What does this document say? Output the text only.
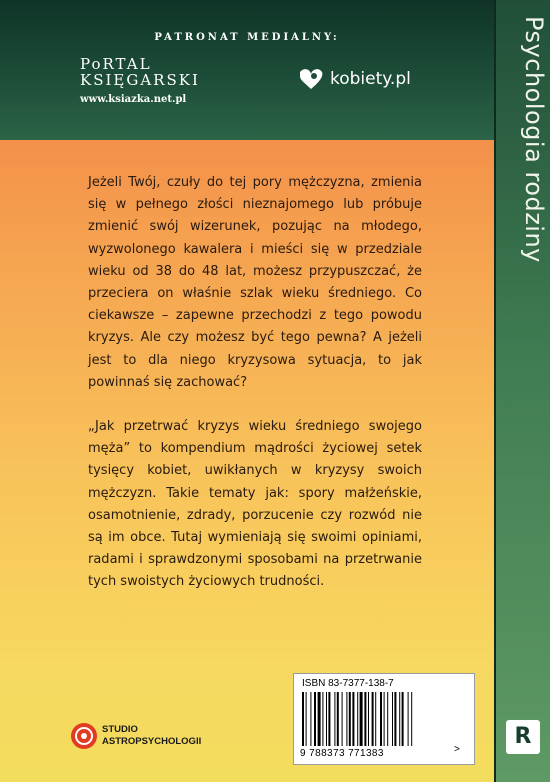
PATRONAT MEDIALNY:
PoRTAL
KSIĘGARSKI
www.ksiazka.net.pl
kobiety.pl

Jeżeli Twój, czuły do tej pory mężczyzna, zmienia się w pełnego złości nieznajomego lub próbuje zmienić swój wizerunek, pozując na młodego, wyzwolonego kawalera i mieści się w przedziale wieku od 38 do 48 lat, możesz przypuszczać, że przeciera on właśnie szlak wieku średniego. Co ciekawsze – zapewne przechodzi z tego powodu kryzys. Ale czy możesz być tego pewna? A jeżeli jest to dla niego kryzysowa sytuacja, to jak powinnaś się zachować?

„Jak przetrwać kryzys wieku średniego swojego męża” to kompendium mądrości życiowej setek tysięcy kobiet, uwikłanych w kryzysy swoich mężczyzn. Takie tematy jak: spory małżeńskie, osamotnienie, zdrady, porzucenie czy rozwód nie są im obce. Tutaj wymieniają się swoimi opiniami, radami i sprawdzonymi sposobami na przetrwanie tych swoistych życiowych trudności.

STUDIO
ASTROPSYCHOLOGII
ISBN 83-7377-138-7
9 788373 771383	>
Psychologia rodziny
R
